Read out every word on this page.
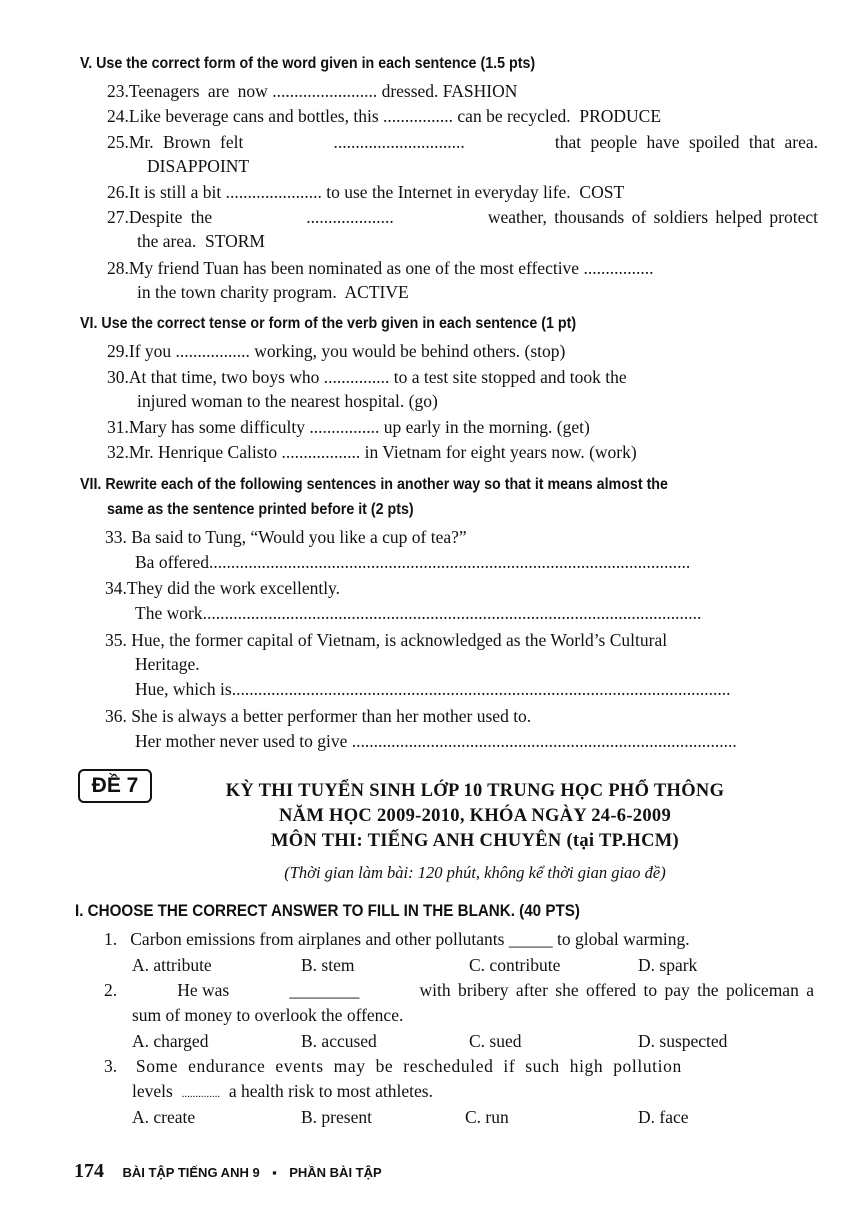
V. Use the correct form of the word given in each sentence (1.5 pts)
23.Teenagers are now ........................ dressed. FASHION
24.Like beverage cans and bottles, this ................ can be recycled. PRODUCE
25.Mr. Brown felt	..............................	that people have spoiled that area.
DISAPPOINT
26.It is still a bit ...................... to use the Internet in everyday life. COST
27.Despite the	....................	weather, thousands of soldiers helped protect
the area. STORM
28.My friend Tuan has been nominated as one of the most effective ................
in the town charity program. ACTIVE
VI. Use the correct tense or form of the verb given in each sentence (1 pt)
29.If you ................. working, you would be behind others. (stop)
30.At that time, two boys who ............... to a test site stopped and took the
injured woman to the nearest hospital. (go)
31.Mary has some difficulty ................ up early in the morning. (get)
32.Mr. Henrique Calisto .................. in Vietnam for eight years now. (work)
VII. Rewrite each of the following sentences in another way so that it means almost the
same as the sentence printed before it (2 pts)
33. Ba said to Tung, “Would you like a cup of tea?”
Ba offered..............................................................................................................
34.They did the work excellently.
The work..................................................................................................................
35. Hue, the former capital of Vietnam, is acknowledged as the World’s Cultural
Heritage.
Hue, which is..................................................................................................................
36. She is always a better performer than her mother used to.
Her mother never used to give ........................................................................................
ĐỀ 7	KỲ THI TUYỂN SINH LỚP 10 TRUNG HỌC PHỔ THÔNG
NĂM HỌC 2009-2010, KHÓA NGÀY 24-6-2009
MÔN THI: TIẾNG ANH CHUYÊN (tại TP.HCM)
(Thời gian làm bài: 120 phút, không kể thời gian giao đề)
I. CHOOSE THE CORRECT ANSWER TO FILL IN THE BLANK. (40 PTS)
1. Carbon emissions from airplanes and other pollutants _____ to global warming.
A. attribute	B. stem	C. contribute	D. spark
2.	He was	________	with bribery after she offered to pay the policeman a
sum of money to overlook the offence.
A. charged	B. accused	C. sued	D. suspected
3. Some endurance events may be rescheduled if such high pollution
levels .............. a health risk to most athletes.
A. create	B. present	C. run	D. face
174 BÀI TẬP TIẾNG ANH 9 ▪ PHẦN BÀI TẬP
